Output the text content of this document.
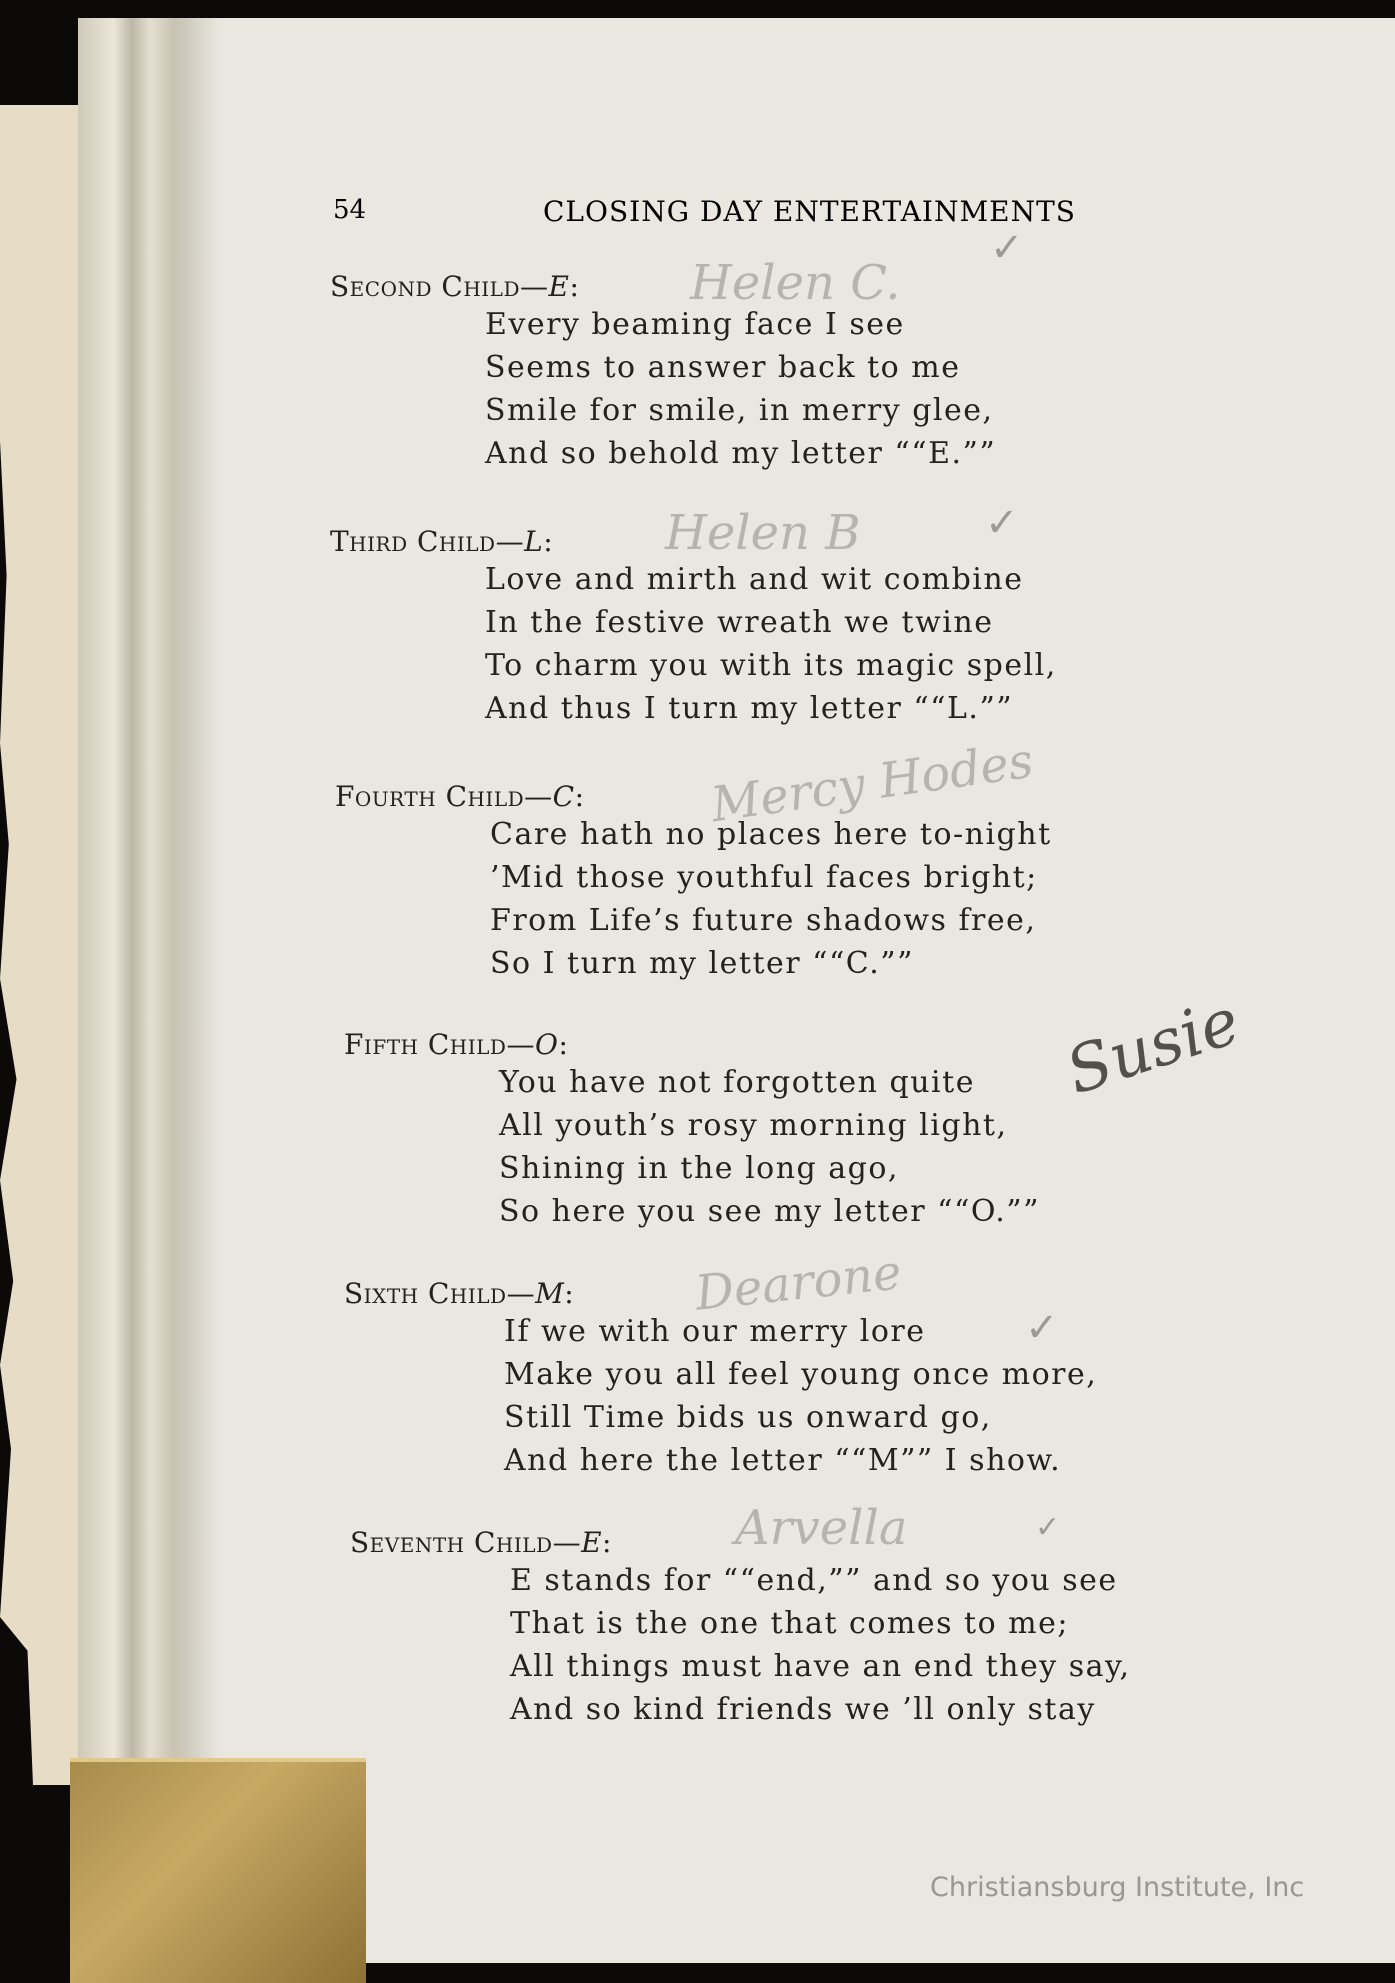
54	CLOSING DAY ENTERTAINMENTS
Second Child—E:
Every beaming face I see
Seems to answer back to me
Smile for smile, in merry glee,
And so behold my letter ““E.””
Third Child—L:
Love and mirth and wit combine
In the festive wreath we twine
To charm you with its magic spell,
And thus I turn my letter ““L.””
Fourth Child—C:
Care hath no places here to-night
’Mid those youthful faces bright;
From Life’s future shadows free,
So I turn my letter ““C.””
Fifth Child—O:
You have not forgotten quite
All youth’s rosy morning light,
Shining in the long ago,
So here you see my letter ““O.””
Sixth Child—M:
If we with our merry lore
Make you all feel young once more,
Still Time bids us onward go,
And here the letter ““M”” I show.
Seventh Child—E:
E stands for ““end,”” and so you see
That is the one that comes to me;
All things must have an end they say,
And so kind friends we ’ll only stay
Helen C.
✓
Helen B	✓
Mercy Hodes
Susie
Dearone
✓
Arvella	✓
Christiansburg Institute, Inc
